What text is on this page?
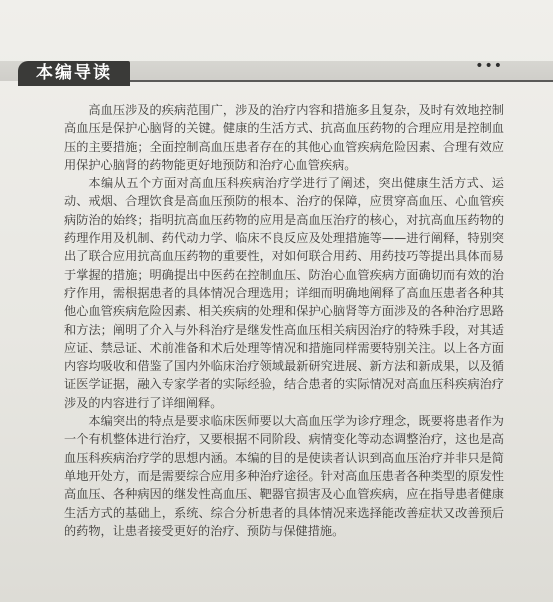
本编导读	•••

高血压涉及的疾病范围广，涉及的治疗内容和措施多且复杂，及时有效地控制高血压是保护心脑肾的关键。健康的生活方式、抗高血压药物的合理应用是控制血压的主要措施；全面控制高血压患者存在的其他心血管疾病危险因素、合理有效应用保护心脑肾的药物能更好地预防和治疗心血管疾病。

本编从五个方面对高血压科疾病治疗学进行了阐述，突出健康生活方式、运动、戒烟、合理饮食是高血压预防的根本、治疗的保障，应贯穿高血压、心血管疾病防治的始终；指明抗高血压药物的应用是高血压治疗的核心，对抗高血压药物的药理作用及机制、药代动力学、临床不良反应及处理措施等——进行阐释，特别突出了联合应用抗高血压药物的重要性，对如何联合用药、用药技巧等提出具体而易于掌握的措施；明确提出中医药在控制血压、防治心血管疾病方面确切而有效的治疗作用，需根据患者的具体情况合理选用；详细而明确地阐释了高血压患者各种其他心血管疾病危险因素、相关疾病的处理和保护心脑肾等方面涉及的各种治疗思路和方法；阐明了介入与外科治疗是继发性高血压相关病因治疗的特殊手段，对其适应证、禁忌证、术前准备和术后处理等情况和措施同样需要特别关注。以上各方面内容均吸收和借鉴了国内外临床治疗领域最新研究进展、新方法和新成果，以及循证医学证据，融入专家学者的实际经验，结合患者的实际情况对高血压科疾病治疗涉及的内容进行了详细阐释。

本编突出的特点是要求临床医师要以大高血压学为诊疗理念，既要将患者作为一个有机整体进行治疗，又要根据不同阶段、病情变化等动态调整治疗，这也是高血压科疾病治疗学的思想内涵。本编的目的是使读者认识到高血压治疗并非只是简单地开处方，而是需要综合应用多种治疗途径。针对高血压患者各种类型的原发性高血压、各种病因的继发性高血压、靶器官损害及心血管疾病，应在指导患者健康生活方式的基础上，系统、综合分析患者的具体情况来选择能改善症状又改善预后的药物，让患者接受更好的治疗、预防与保健措施。
